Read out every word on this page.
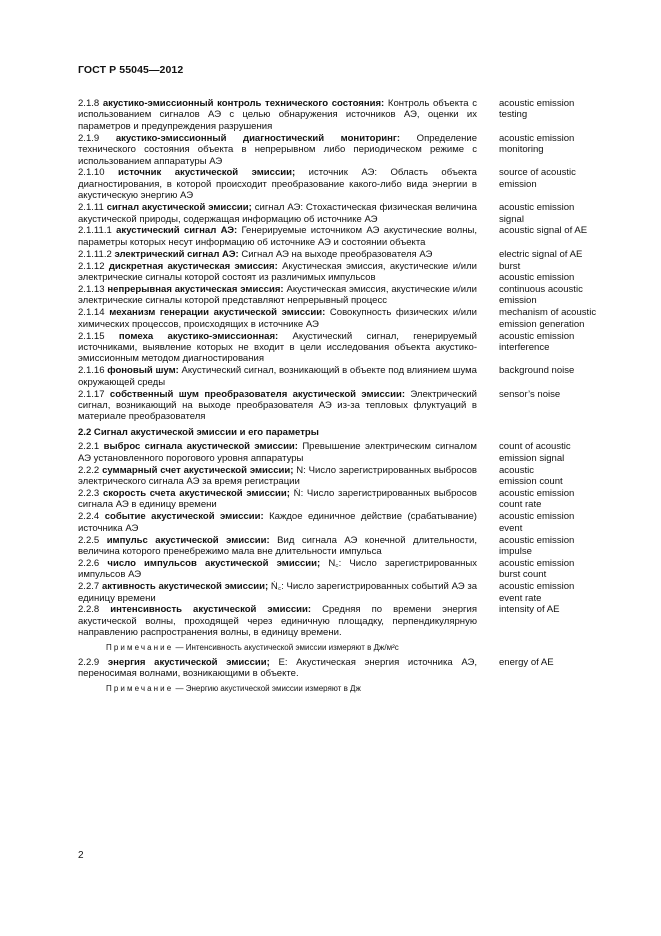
ГОСТ Р 55045—2012
2.1.8 акустико-эмиссионный контроль технического состояния: Контроль объекта с использованием сигналов АЭ с целью обнаружения источников АЭ, оценки их параметров и предупреждения разрушения
acoustic emission
testing
2.1.9 акустико-эмиссионный диагностический мониторинг: Определение технического состояния объекта в непрерывном либо периодическом режиме с использованием аппаратуры АЭ
acoustic emission
monitoring
2.1.10 источник акустической эмиссии; источник АЭ: Область объекта диагностирования, в которой происходит преобразование какого-либо вида энергии в акустическую энергию АЭ
source of acoustic
emission
2.1.11 сигнал акустической эмиссии; сигнал АЭ: Стохастическая физическая величина акустической природы, содержащая информацию об источнике АЭ
acoustic emission
signal
2.1.11.1 акустический сигнал АЭ: Генерируемые источником АЭ акустические волны, параметры которых несут информацию об источнике АЭ и состоянии объекта
acoustic signal of AE
2.1.11.2 электрический сигнал АЭ: Сигнал АЭ на выходе преобразователя АЭ	electric signal of AE
2.1.12 дискретная акустическая эмиссия: Акустическая эмиссия, акустические и/или электрические сигналы которой состоят из различимых импульсов
burst
acoustic emission
2.1.13 непрерывная акустическая эмиссия: Акустическая эмиссия, акустические и/или электрические сигналы которой представляют непрерывный процесс
continuous acoustic
emission
2.1.14 механизм генерации акустической эмиссии: Совокупность физических и/или химических процессов, происходящих в источнике АЭ
mechanism of acoustic
emission generation
2.1.15 помеха акустико-эмиссионная: Акустический сигнал, генерируемый источниками, выявление которых не входит в цели исследования объекта акустико-эмиссионным методом диагностирования
acoustic emission
interference
2.1.16 фоновый шум: Акустический сигнал, возникающий в объекте под влиянием шума окружающей среды
background noise
2.1.17 собственный шум преобразователя акустической эмиссии: Электрический сигнал, возникающий на выходе преобразователя АЭ из-за тепловых флуктуаций в материале преобразователя
sensor’s noise
2.2 Сигнал акустической эмиссии и его параметры
2.2.1 выброс сигнала акустической эмиссии: Превышение электрическим сигналом АЭ установленного порогового уровня аппаратуры
count of acoustic
emission signal
2.2.2 суммарный счет акустической эмиссии; N: Число зарегистрированных выбросов электрического сигнала АЭ за время регистрации
acoustic
emission count
2.2.3 скорость счета акустической эмиссии; Ṅ: Число зарегистрированных выбросов сигнала АЭ в единицу времени
acoustic emission
count rate
2.2.4 событие акустической эмиссии: Каждое единичное действие (срабатывание) источника АЭ
acoustic emission
event
2.2.5 импульс акустической эмиссии: Вид сигнала АЭ конечной длительности, величина которого пренебрежимо мала вне длительности импульса
acoustic emission
impulse
2.2.6 число импульсов акустической эмиссии; N꜀: Число зарегистрированных импульсов АЭ
acoustic emission
burst count
2.2.7 активность акустической эмиссии; Ṅ꜀: Число зарегистрированных событий АЭ за единицу времени
acoustic emission
event rate
2.2.8 интенсивность акустической эмиссии: Средняя по времени энергия акустической волны, проходящей через единичную площадку, перпендикулярную направлению распространения волны, в единицу времени.
intensity of AE
Примечание — Интенсивность акустической эмиссии измеряют в Дж/м²с
2.2.9 энергия акустической эмиссии; Е: Акустическая энергия источника АЭ, переносимая волнами, возникающими в объекте.
energy of AE
Примечание — Энергию акустической эмиссии измеряют в Дж
2
